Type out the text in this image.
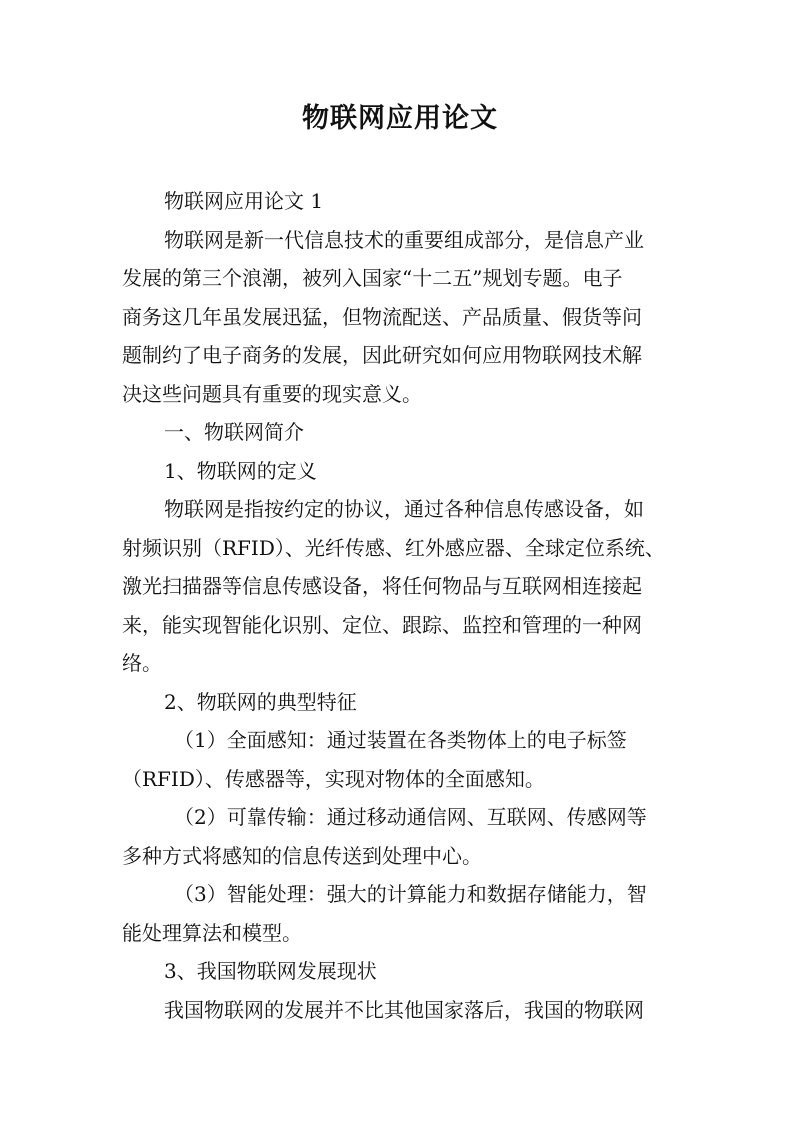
物联网应用论文
物联网应用论文 1
物联网是新一代信息技术的重要组成部分，是信息产业
发展的第三个浪潮，被列入国家“十二五”规划专题。电子
商务这几年虽发展迅猛，但物流配送、产品质量、假货等问
题制约了电子商务的发展，因此研究如何应用物联网技术解
决这些问题具有重要的现实意义。
一、物联网简介
1、物联网的定义
物联网是指按约定的协议，通过各种信息传感设备，如
射频识别（RFID）、光纤传感、红外感应器、全球定位系统、
激光扫描器等信息传感设备，将任何物品与互联网相连接起
来，能实现智能化识别、定位、跟踪、监控和管理的一种网
络。
2、物联网的典型特征
（1）全面感知：通过装置在各类物体上的电子标签
（RFID）、传感器等，实现对物体的全面感知。
（2）可靠传输：通过移动通信网、互联网、传感网等
多种方式将感知的信息传送到处理中心。
（3）智能处理：强大的计算能力和数据存储能力，智
能处理算法和模型。
3、我国物联网发展现状
我国物联网的发展并不比其他国家落后，我国的物联网
